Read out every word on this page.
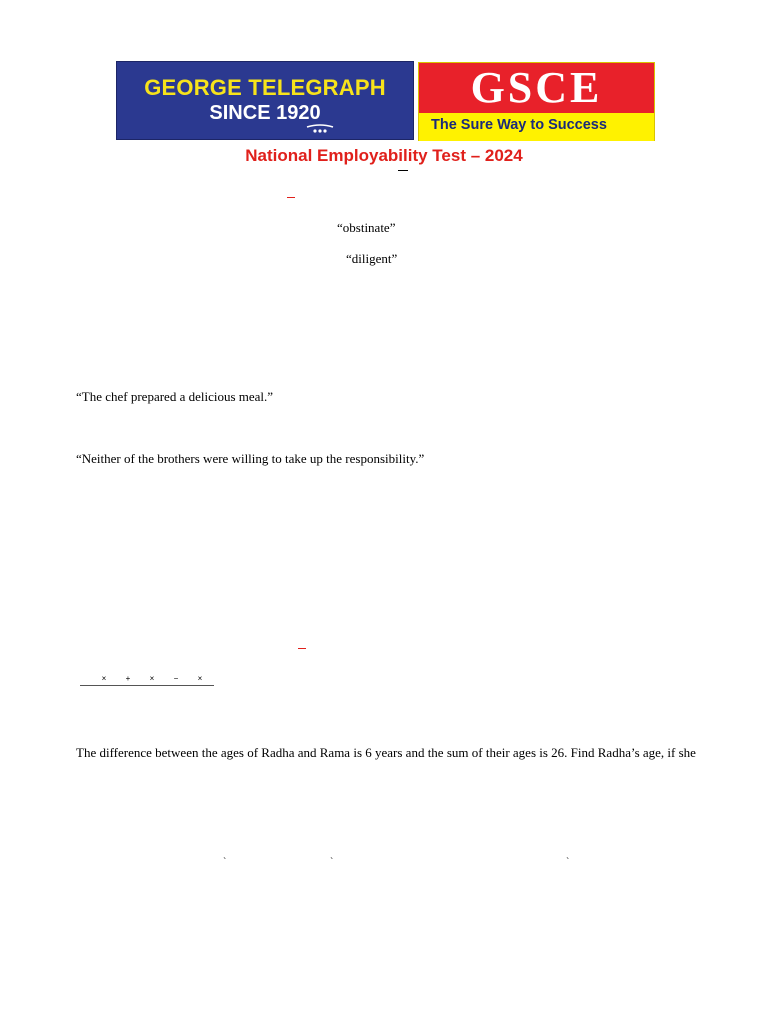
GEORGE TELEGRAPH
SINCE 1920
GSCE
The Sure Way to Success
National Employability Test – 2024
“obstinate”
“diligent”
“The chef prepared a delicious meal.”
“Neither of the brothers were willing to take up the responsibility.”
× + × − ×
The difference between the ages of Radha and Rama is 6 years and the sum of their ages is 26. Find Radha’s age, if she
`	`	`
